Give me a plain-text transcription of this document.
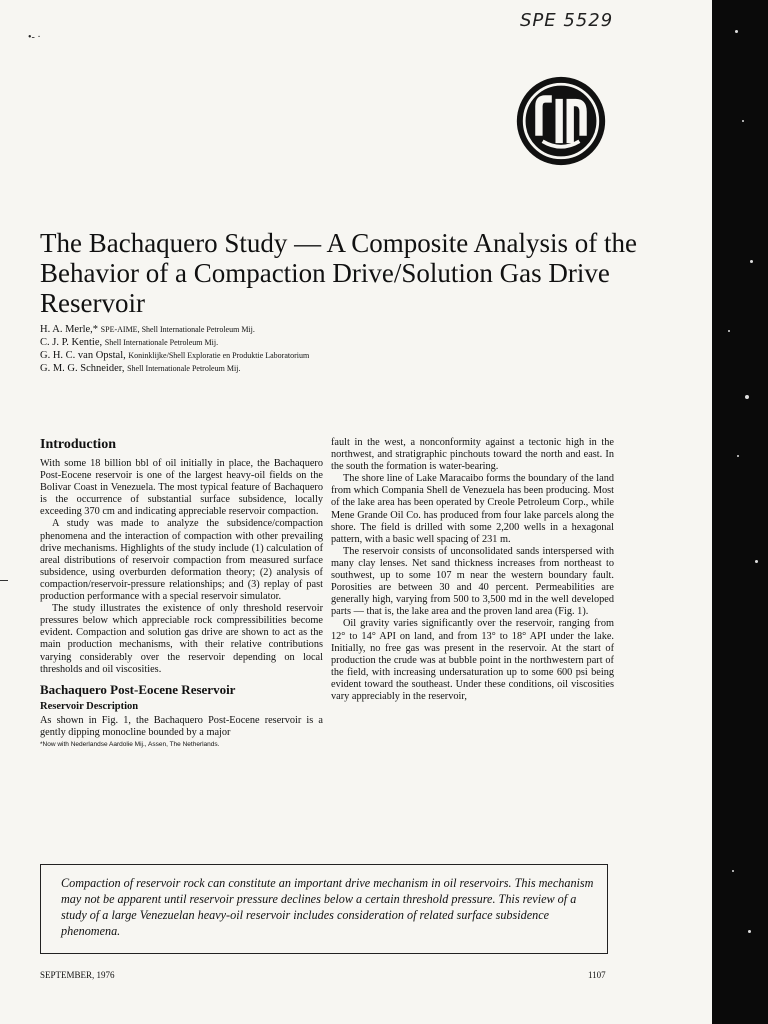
SPE 5529
•- ·
The Bachaquero Study — A Composite Analysis of the Behavior of a Compaction Drive/Solution Gas Drive Reservoir
H. A. Merle,* SPE-AIME, Shell Internationale Petroleum Mij.
C. J. P. Kentie, Shell Internationale Petroleum Mij.
G. H. C. van Opstal, Koninklijke/Shell Exploratie en Produktie Laboratorium
G. M. G. Schneider, Shell Internationale Petroleum Mij.
Introduction

With some 18 billion bbl of oil initially in place, the Bachaquero Post-Eocene reservoir is one of the largest heavy-oil fields on the Bolivar Coast in Venezuela. The most typical feature of Bachaquero is the occurrence of substantial surface subsidence, locally exceeding 370 cm and indicating appreciable reservoir compaction.

A study was made to analyze the subsidence/compaction phenomena and the interaction of compaction with other prevailing drive mechanisms. Highlights of the study include (1) calculation of areal distributions of reservoir compaction from measured surface subsidence, using overburden deformation theory; (2) analysis of compaction/reservoir-pressure relationships; and (3) replay of past production performance with a special reservoir simulator.

The study illustrates the existence of only threshold reservoir pressures below which appreciable rock compressibilities become evident. Compaction and solution gas drive are shown to act as the main production mechanisms, with their relative contributions varying considerably over the reservoir depending on local thresholds and oil viscosities.

Bachaquero Post-Eocene Reservoir
Reservoir Description

As shown in Fig. 1, the Bachaquero Post-Eocene reservoir is a gently dipping monocline bounded by a major

*Now with Nederlandse Aardolie Mij., Assen, The Netherlands.

fault in the west, a nonconformity against a tectonic high in the northwest, and stratigraphic pinchouts toward the north and east. In the south the formation is water-bearing.

The shore line of Lake Maracaibo forms the boundary of the land from which Compania Shell de Venezuela has been producing. Most of the lake area has been operated by Creole Petroleum Corp., while Mene Grande Oil Co. has produced from four lake parcels along the shore. The field is drilled with some 2,200 wells in a hexagonal pattern, with a basic well spacing of 231 m.

The reservoir consists of unconsolidated sands interspersed with many clay lenses. Net sand thickness increases from northeast to southwest, up to some 107 m near the western boundary fault. Porosities are between 30 and 40 percent. Permeabilities are generally high, varying from 500 to 3,500 md in the well developed parts — that is, the lake area and the proven land area (Fig. 1).

Oil gravity varies significantly over the reservoir, ranging from 12° to 14° API on land, and from 13° to 18° API under the lake. Initially, no free gas was present in the reservoir. At the start of production the crude was at bubble point in the northwestern part of the field, with increasing undersaturation up to some 600 psi being evident toward the southeast. Under these conditions, oil viscosities vary appreciably in the reservoir,

Compaction of reservoir rock can constitute an important drive mechanism in oil reservoirs. This mechanism may not be apparent until reservoir pressure declines below a certain threshold pressure. This review of a study of a large Venezuelan heavy-oil reservoir includes consideration of related surface subsidence phenomena.

SEPTEMBER, 1976	1107
